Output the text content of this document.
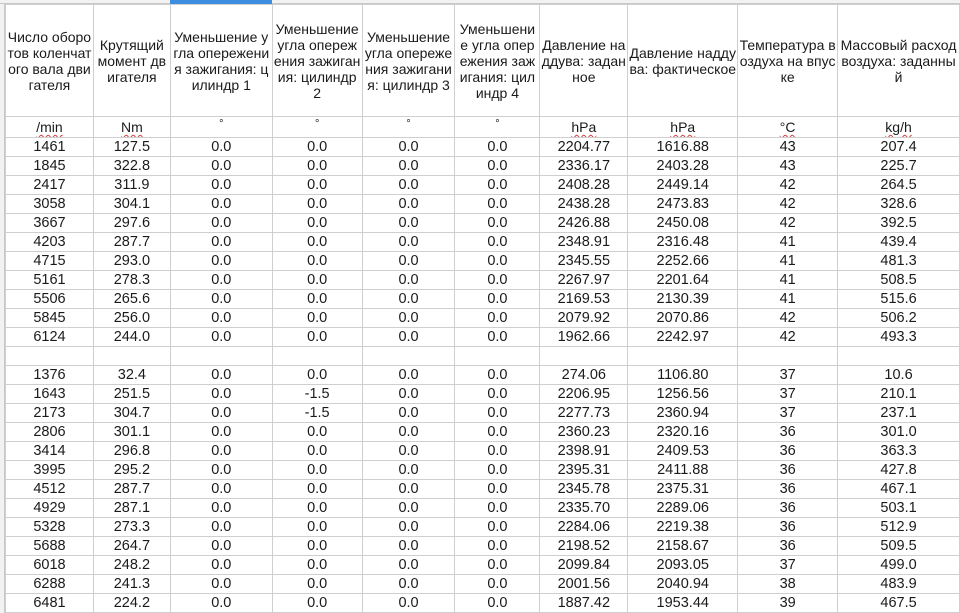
Число оборотов коленчатого вала двигателя	Крутящий момент двигателя	Уменьшение угла опережения зажигания: цилиндр 1	Уменьшение угла опережения зажигания: цилиндр 2	Уменьшение угла опережения зажигания: цилиндр 3	Уменьшение угла опережения зажигания: цилиндр 4	Давление наддува: заданное	Давление наддува: фактическое	Температура воздуха на впуске	Массовый расход воздуха: заданный
/min	Nm	°	°	°	°	hPa	hPa	°C	kg/h
1461	127.5	0.0	0.0	0.0	0.0	2204.77	1616.88	43	207.4
1845	322.8	0.0	0.0	0.0	0.0	2336.17	2403.28	43	225.7
2417	311.9	0.0	0.0	0.0	0.0	2408.28	2449.14	42	264.5
3058	304.1	0.0	0.0	0.0	0.0	2438.28	2473.83	42	328.6
3667	297.6	0.0	0.0	0.0	0.0	2426.88	2450.08	42	392.5
4203	287.7	0.0	0.0	0.0	0.0	2348.91	2316.48	41	439.4
4715	293.0	0.0	0.0	0.0	0.0	2345.55	2252.66	41	481.3
5161	278.3	0.0	0.0	0.0	0.0	2267.97	2201.64	41	508.5
5506	265.6	0.0	0.0	0.0	0.0	2169.53	2130.39	41	515.6
5845	256.0	0.0	0.0	0.0	0.0	2079.92	2070.86	42	506.2
6124	244.0	0.0	0.0	0.0	0.0	1962.66	2242.97	42	493.3

1376	32.4	0.0	0.0	0.0	0.0	274.06	1106.80	37	10.6
1643	251.5	0.0	-1.5	0.0	0.0	2206.95	1256.56	37	210.1
2173	304.7	0.0	-1.5	0.0	0.0	2277.73	2360.94	37	237.1
2806	301.1	0.0	0.0	0.0	0.0	2360.23	2320.16	36	301.0
3414	296.8	0.0	0.0	0.0	0.0	2398.91	2409.53	36	363.3
3995	295.2	0.0	0.0	0.0	0.0	2395.31	2411.88	36	427.8
4512	287.7	0.0	0.0	0.0	0.0	2345.78	2375.31	36	467.1
4929	287.1	0.0	0.0	0.0	0.0	2335.70	2289.06	36	503.1
5328	273.3	0.0	0.0	0.0	0.0	2284.06	2219.38	36	512.9
5688	264.7	0.0	0.0	0.0	0.0	2198.52	2158.67	36	509.5
6018	248.2	0.0	0.0	0.0	0.0	2099.84	2093.05	37	499.0
6288	241.3	0.0	0.0	0.0	0.0	2001.56	2040.94	38	483.9
6481	224.2	0.0	0.0	0.0	0.0	1887.42	1953.44	39	467.5
